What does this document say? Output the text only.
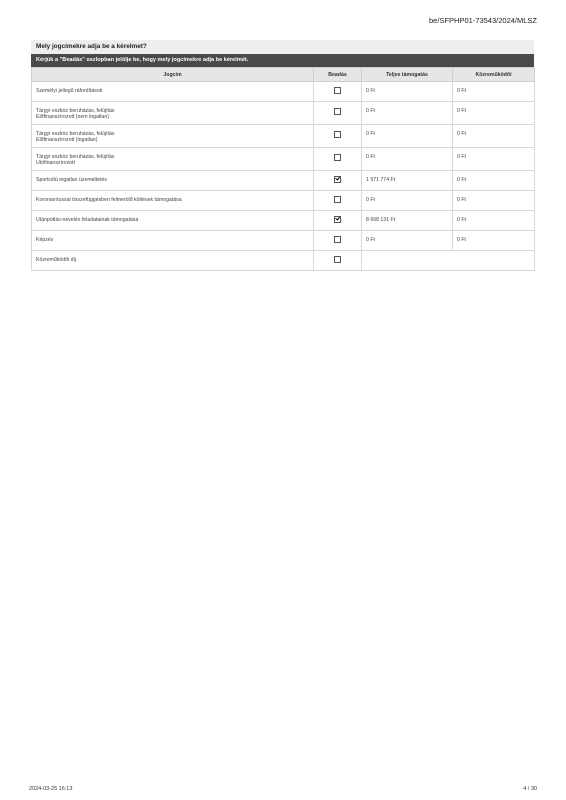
be/SFPHP01-73543/2024/MLSZ
Mely jogcímekre adja be a kérelmet?
Kérjük a "Beadás" oszlopban jelölje be, hogy mely jogcímekre adja be kérelmét.
Jogcím	Beadás	Teljes támogatás	Közreműködői

Személyi jellegű ráfordítások		0 Ft	0 Ft

Tárgyi eszköz beruházás, felújítás
Előfinanszírozott (nem ingatlan)		0 Ft	0 Ft

Tárgyi eszköz beruházás, felújítás
Előfinanszírozott (ingatlan)		0 Ft	0 Ft

Tárgyi eszköz beruházás, felújítás
Utófinanszírozott		0 Ft	0 Ft

Sportcélú ingatlan üzemeltetés		1 971 774 Ft	0 Ft

Koronavírussal összefüggésben felmerülő költések támogatása		0 Ft	0 Ft

Utánpótlás-nevelés feladatainak támogatása		8 668 131 Ft	0 Ft

Képzés		0 Ft	0 Ft

Közreműködői díj			

2024-03-25 16:13	4 / 30
